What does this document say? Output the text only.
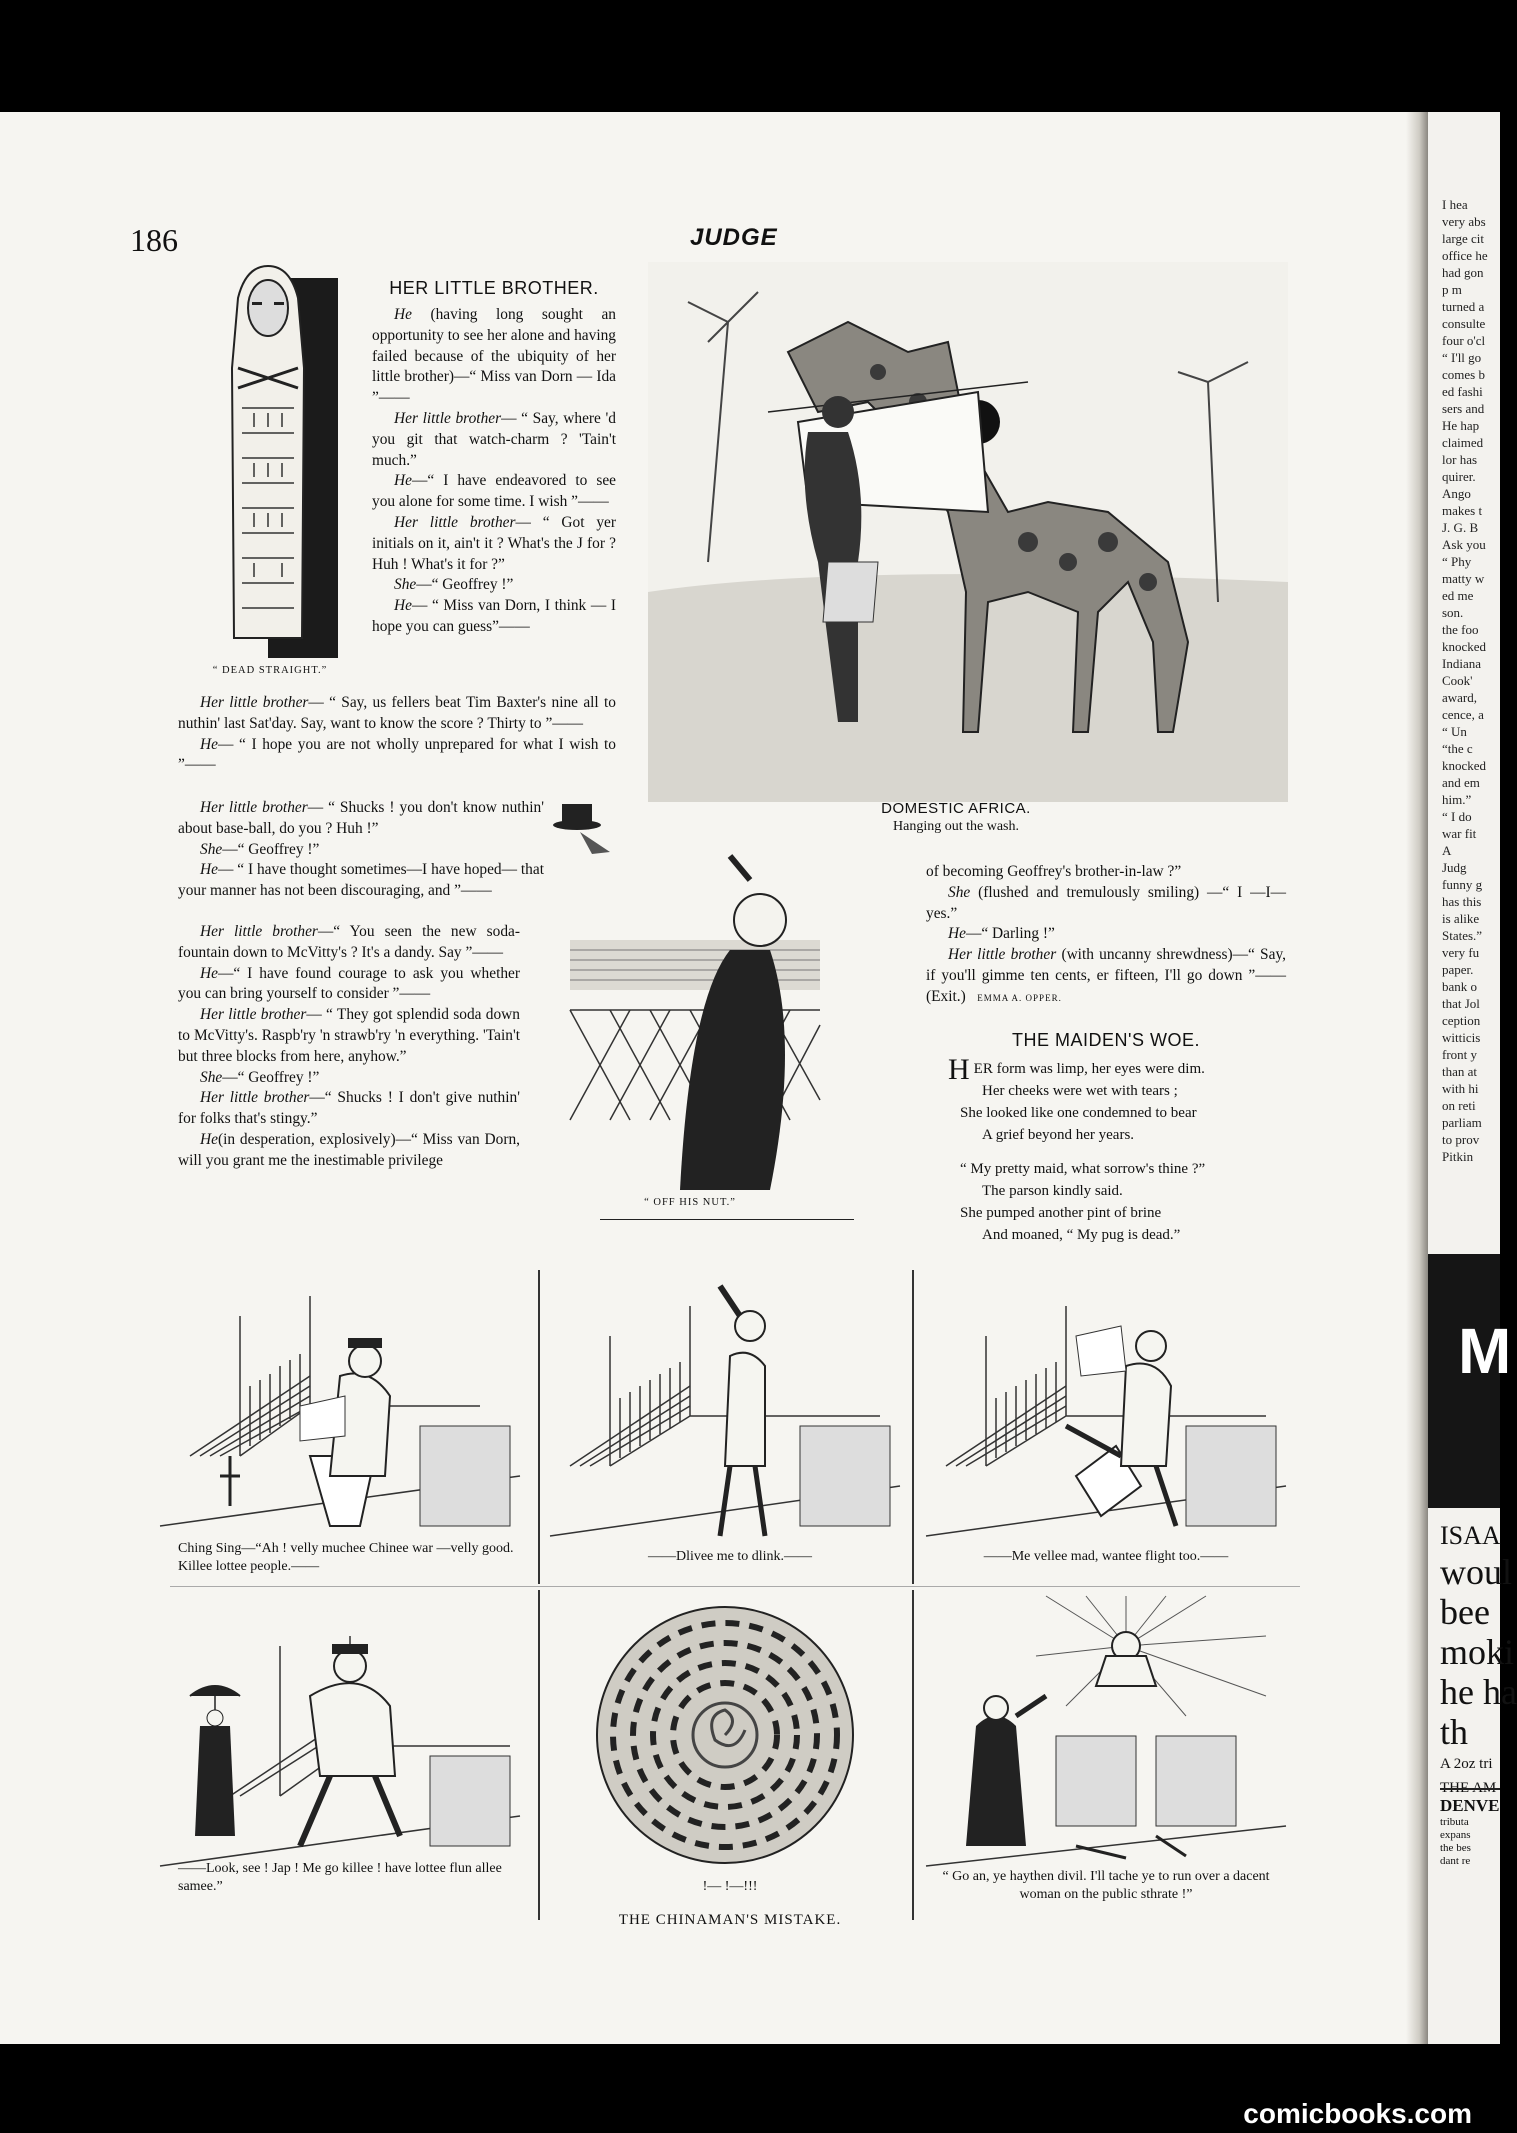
186	JUDGE
“ DEAD STRAIGHT.”
HER LITTLE BROTHER.

He (having long sought an opportunity to see her alone and having failed because of the ubiquity of her little brother)—“ Miss van Dorn — Ida ”——

Her little brother— “ Say, where 'd you git that watch-charm ? 'Tain't much.”

He—“ I have endeavored to see you alone for some time. I wish ”——

Her little brother— “ Got yer initials on it, ain't it ? What's the J for ? Huh ! What's it for ?”

She—“ Geoffrey !”

He— “ Miss van Dorn, I think — I hope you can guess”——

Her little brother— “ Say, us fellers beat Tim Baxter's nine all to nuthin' last Sat'day. Say, want to know the score ? Thirty to ”——

He— “ I hope you are not wholly unprepared for what I wish to ”——

Her little brother— “ Shucks ! you don't know nuthin' about base-ball, do you ? Huh !”

She—“ Geoffrey !”

He— “ I have thought sometimes—I have hoped— that your manner has not been discouraging, and ”——

Her little brother—“ You seen the new soda-fountain down to McVitty's ? It's a dandy. Say ”——

He—“ I have found courage to ask you whether you can bring yourself to consider ”——

Her little brother— “ They got splendid soda down to McVitty's. Raspb'ry 'n strawb'ry 'n everything. 'Tain't but three blocks from here, anyhow.”

She—“ Geoffrey !”

Her little brother—“ Shucks ! I don't give nuthin' for folks that's stingy.”

He(in desperation, explosively)—“ Miss van Dorn, will you grant me the inestimable privilege

DOMESTIC AFRICA.
Hanging out the wash.
“ OFF HIS NUT.”

of becoming Geoffrey's brother-in-law ?”

She (flushed and tremulously smiling) —“ I —I—yes.”

He—“ Darling !”

Her little brother (with uncanny shrewdness)—“ Say, if you'll gimme ten cents, er fifteen, I'll go down ”—— (Exit.) EMMA A. OPPER.

THE MAIDEN'S WOE.
HER form was limp, her eyes were dim.
Her cheeks were wet with tears ;
She looked like one condemned to bear
A grief beyond her years.
“ My pretty maid, what sorrow's thine ?”
The parson kindly said.
She pumped another pint of brine
And moaned, “ My pug is dead.”
Ching Sing—“Ah ! velly muchee Chinee war —velly good. Killee lottee people.——
——Dlivee me to dlink.——	——Me vellee mad, wantee flight too.——
——Look, see ! Jap ! Me go killee ! have lottee flun allee samee.”	!— !—!!!
“ Go an, ye haythen divil. I'll tache ye to run over a dacent woman on the public sthrate !”
THE CHINAMAN'S MISTAKE.
I hea
very abs
large cit
office he
had gon
p m
turned a
consulte
four o'cl
“ I'll go
comes b
ed fashi
sers and
He hap
claimed
lor has
quirer.
Ango
makes t
J. G. B
Ask you
“ Phy
matty w
ed me
son.
the foo
knocked
Indiana
Cook'
award,
cence, a
“ Un
“the c
knocked
and em
him.”
“ I do
war fit
A
Judg
funny g
has this
is alike
States.”
very fu
paper.
bank o
that Jol
ception
witticis
front y
than at
with hi
on reti
parliam
to prov
Pitkin
M
ISAA
woul
bee
moki
he ha
th
A 2oz tri
THE AM
DENVE
tributa
expans
the bes
dant re
comicbooks.com
